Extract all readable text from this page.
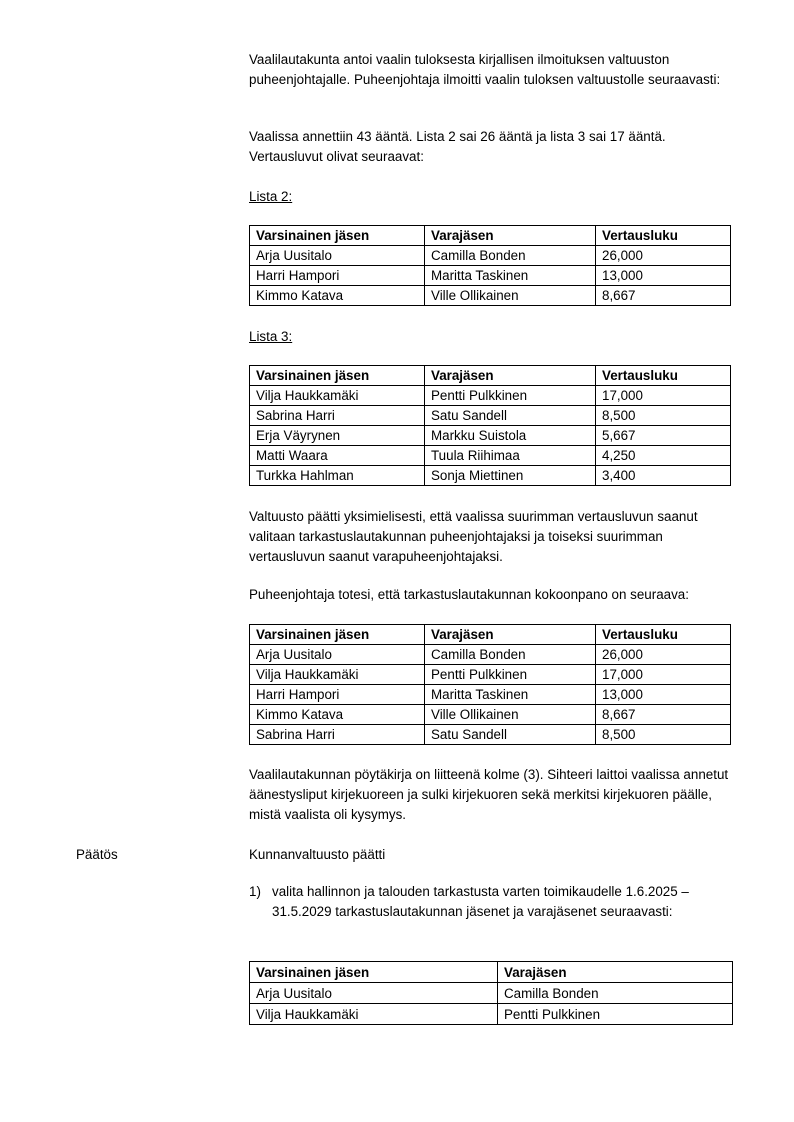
Vaalilautakunta antoi vaalin tuloksesta kirjallisen ilmoituksen valtuuston puheenjohtajalle. Puheenjohtaja ilmoitti vaalin tuloksen valtuustolle seuraavasti:
Vaalissa annettiin 43 ääntä. Lista 2 sai 26 ääntä ja lista 3 sai 17 ääntä. Vertausluvut olivat seuraavat:
Lista 2:
Varsinainen jäsen	Varajäsen	Vertausluku
Arja Uusitalo	Camilla Bonden	26,000
Harri Hampori	Maritta Taskinen	13,000
Kimmo Katava	Ville Ollikainen	8,667
Lista 3:
Varsinainen jäsen	Varajäsen	Vertausluku
Vilja Haukkamäki	Pentti Pulkkinen	17,000
Sabrina Harri	Satu Sandell	8,500
Erja Väyrynen	Markku Suistola	5,667
Matti Waara	Tuula Riihimaa	4,250
Turkka Hahlman	Sonja Miettinen	3,400
Valtuusto päätti yksimielisesti, että vaalissa suurimman vertausluvun saanut valitaan tarkastuslautakunnan puheenjohtajaksi ja toiseksi suurimman vertausluvun saanut varapuheenjohtajaksi.
Puheenjohtaja totesi, että tarkastuslautakunnan kokoonpano on seuraava:
Varsinainen jäsen	Varajäsen	Vertausluku
Arja Uusitalo	Camilla Bonden	26,000
Vilja Haukkamäki	Pentti Pulkkinen	17,000
Harri Hampori	Maritta Taskinen	13,000
Kimmo Katava	Ville Ollikainen	8,667
Sabrina Harri	Satu Sandell	8,500
Vaalilautakunnan pöytäkirja on liitteenä kolme (3). Sihteeri laittoi vaalissa annetut äänestysliput kirjekuoreen ja sulki kirjekuoren sekä merkitsi kirjekuoren päälle, mistä vaalista oli kysymys.
Päätös	Kunnanvaltuusto päätti
1) valita hallinnon ja talouden tarkastusta varten toimikaudelle 1.6.2025 – 31.5.2029 tarkastuslautakunnan jäsenet ja varajäsenet seuraavasti:
Varsinainen jäsen	Varajäsen
Arja Uusitalo	Camilla Bonden
Vilja Haukkamäki	Pentti Pulkkinen
